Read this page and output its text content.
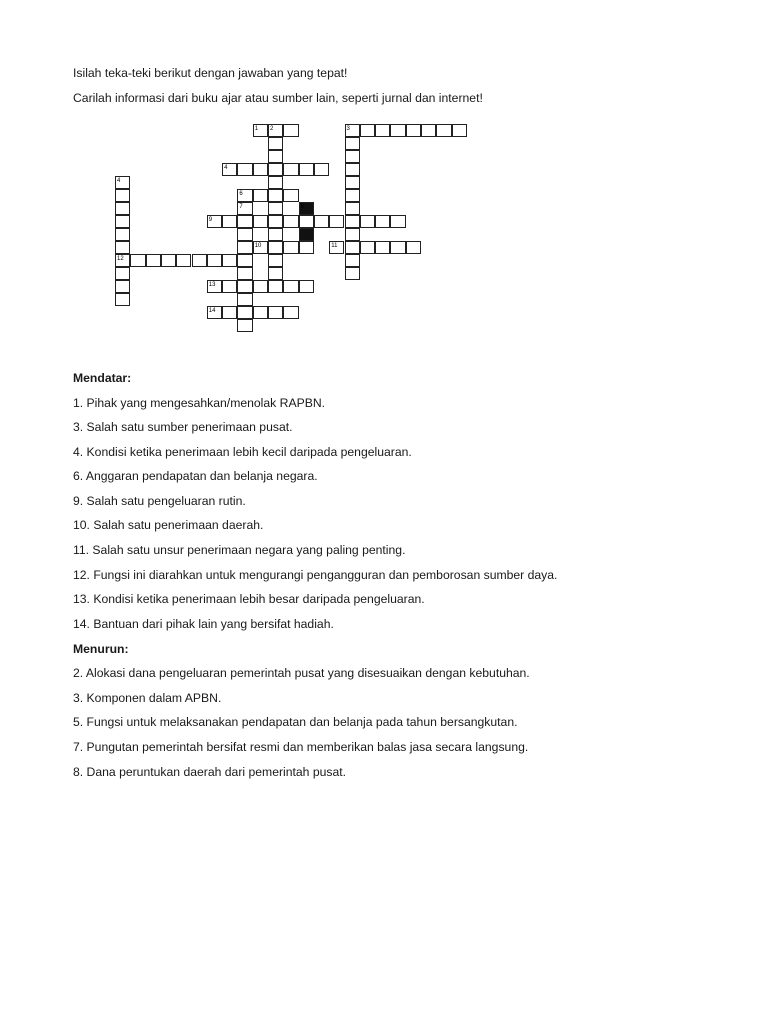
Isilah teka-teki berikut dengan jawaban yang tepat!
Carilah informasi dari buku ajar atau sumber lain, seperti jurnal dan internet!
1 2	3
4
4
6
7	8
9
10	11
12
13
14
Mendatar:
1. Pihak yang mengesahkan/menolak RAPBN.
3. Salah satu sumber penerimaan pusat.
4. Kondisi ketika penerimaan lebih kecil daripada pengeluaran.
6. Anggaran pendapatan dan belanja negara.
9. Salah satu pengeluaran rutin.
10. Salah satu penerimaan daerah.
11. Salah satu unsur penerimaan negara yang paling penting.
12. Fungsi ini diarahkan untuk mengurangi pengangguran dan pemborosan sumber daya.
13. Kondisi ketika penerimaan lebih besar daripada pengeluaran.
14. Bantuan dari pihak lain yang bersifat hadiah.
Menurun:
2. Alokasi dana pengeluaran pemerintah pusat yang disesuaikan dengan kebutuhan.
3. Komponen dalam APBN.
5. Fungsi untuk melaksanakan pendapatan dan belanja pada tahun bersangkutan.
7. Pungutan pemerintah bersifat resmi dan memberikan balas jasa secara langsung.
8. Dana peruntukan daerah dari pemerintah pusat.
